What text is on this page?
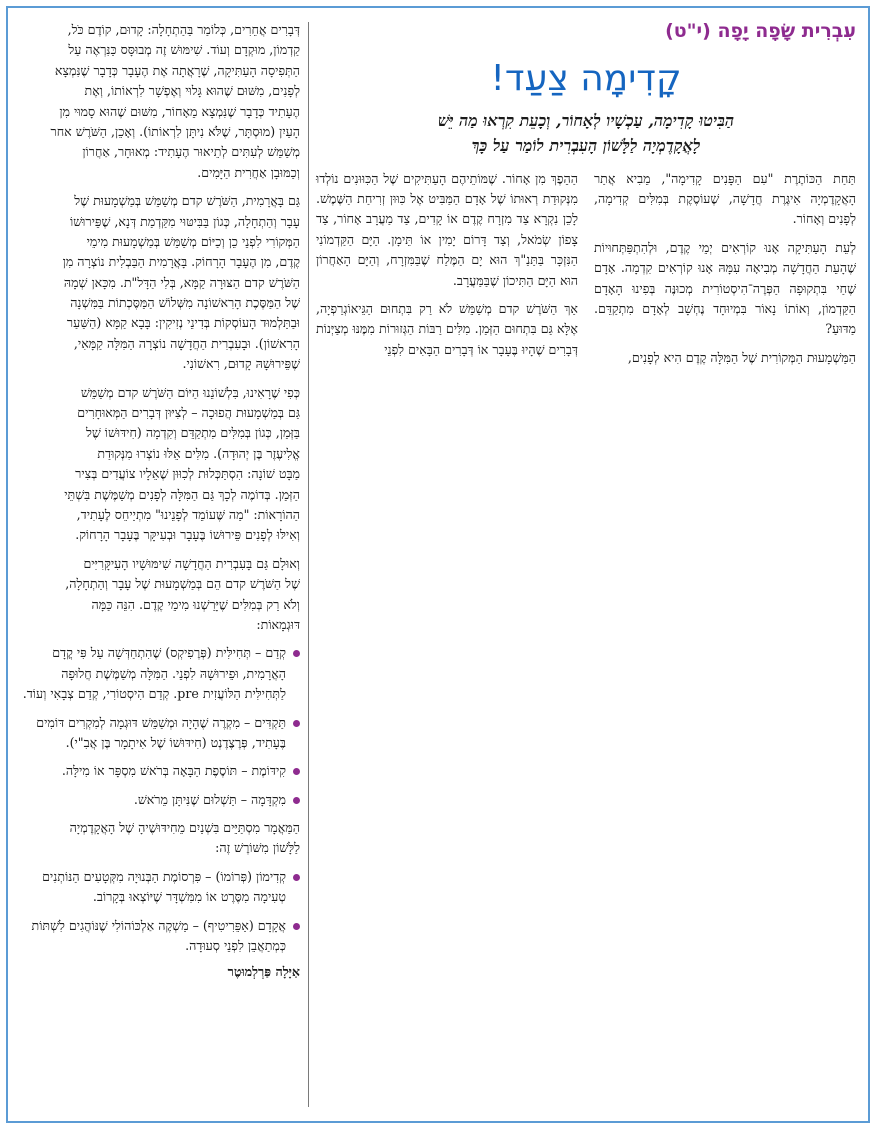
עִבְרִית שָׂפָה יָפָה (י"ט)
קָדִימָה צַעַד!
הַבִּיטוּ קָדִימָה, עַכְשָׁיו לְאָחוֹר, וְכָעֵת קִרְאוּ מַה יֵּשׁ
לָאֲקָדֶמְיָה לַלָּשׁוֹן הָעִבְרִית לוֹמַר עַל כָּךְ

תַּחַת הַכּוֹתֶרֶת "עִם הַפָּנִים קָדִימָה", מֵבִיא אֲתַר הָאֲקָדֶמְיָה אִיגֶּרֶת חֲדָשָׁה, שֶׁעוֹסֶקֶת בְּמִלִּים קְדִימָה, לְפָנִים וְאָחוֹר.

לְעֵת הָעַתִּיקָה אָנוּ קוֹרְאִים יְמֵי קֶדֶם, וּלְהִתְפַּתְּחוּיוֹת שֶׁהָעֵת הַחֲדָשָׁה מְבִיאָה עִמָּהּ אָנוּ קוֹרְאִים קִדְמָה. אָדָם שֶׁחַי בִּתְקוּפָה הַפְּרֶה־הִיסְטוֹרִית מְכוּנֶּה בְּפִינוּ הָאָדָם הַקַּדְמוֹן, וְאוֹתוֹ נָאוֹר בִּמְיוּחָד נֶחְשָׁב לְאָדָם מִתְקַדֵּם. מַדּוּעַ?

הַמַּשְׁמָעוּת הַמְּקוֹרִית שֶׁל הַמִּלָּה קֶדֶם הִיא לְפָנִים,

הַהֵפֶךְ מִן אָחוֹר. שֶׁמּוֹתֵיהֶם הָעַתִּיקִים שֶׁל הַכִּוּוּנִים נוֹלְדוּ מִנְּקוּדַת רְאוּתוֹ שֶׁל אָדָם הַמַּבִּיט אֶל כִּוּוּן זְרִיחַת הַשֶּׁמֶשׁ. לָכֵן נִקְרָא צַד מִזְרָח קֶדֶם אוֹ קָדִים, צַד מַעֲרָב אָחוֹר, צַד צָפוֹן שְׂמֹאל, וְצַד דָּרוֹם יָמִין אוֹ תֵּימָן. הַיָּם הַקַּדְמוֹנִי הַנִּזְכָּר בַּתַּנַ"ךְ הוּא יָם הַמֶּלַח שֶׁבַּמִּזְרָח, וְהַיָּם הָאַחֲרוֹן הוּא הַיָּם הַתִּיכוֹן שֶׁבַּמַּעֲרָב.

אַךְ הַשֹּׁרֶשׁ קדם מְשַׁמֵּשׁ לֹא רַק בִּתְחוּם הַגֵּיאוֹגְרַפְיָה, אֶלָּא גַּם בִּתְחוּם הַזְּמַן. מִלִּים רַבּוֹת הַגְּזוּרוֹת מִמֶּנּוּ מְצַיְּנוֹת דְּבָרִים שֶׁהָיוּ בֶּעָבָר אוֹ דְּבָרִים הַבָּאִים לִפְנֵי

דְּבָרִים אֲחֵרִים, כְּלוֹמַר בַּהַתְחָלָה: קָדוּם, קוֹדֶם כֹּל,
קַדְמוֹן, מוּקְדָם וְעוֹד. שִׁימּוּשׁ זֶה מְבוּסָּס כַּנִּרְאֶה עַל
הַתְּפִיסָה הָעַתִּיקָה, שֶׁרָאֲתָה אֶת הֶעָבָר כְּדָבָר שֶׁנִּמְצָא
לְפָנִים, מִשּׁוּם שֶׁהוּא גָּלוּי וְאֶפְשָׁר לִרְאוֹתוֹ, וְאֶת
הֶעָתִיד כְּדָבָר שֶׁנִּמְצָא מֵאָחוֹר, מִשּׁוּם שֶׁהוּא סָמוּי מִן
הָעַיִן (מוּסְתָּר, שֶׁלֹּא נִיתָּן לִרְאוֹתוֹ). וְאָכֵן, הַשֹּׁרֶשׁ אחר
מְשַׁמֵּשׁ לְעִתִּים לְתֵיאוּר הֶעָתִיד: מְאוּחָר, אַחֲרוֹן
וְכַמּוּבָן אַחֲרִית הַיָּמִים.

גַּם בָּאֲרָמִית, הַשֹּׁרֶשׁ קדם מְשַׁמֵּשׁ בְּמַשְׁמָעוּת שֶׁל
עָבָר וְהַתְחָלָה, כְּגוֹן בַּבִּיטּוּי מִקַּדְמַת דְּנָא, שֶׁפֵּירוּשׁוֹ
הַמְּקוֹרִי לִפְנֵי כֵן וְכַיּוֹם מְשַׁמֵּשׁ בְּמַשְׁמָעוּת מִימֵי
קֶדֶם, מִן הֶעָבָר הָרָחוֹק. בָּאֲרָמִית הַבַּבְלִית נוֹצְרָה מִן
הַשֹּׁרֶשׁ קדם הַצּוּרָה קַמָּא, בְּלִי הַדָּל"ת. מִכָּאן שְׁמָהּ
שֶׁל הַמַּסֶּכֶת הָרִאשׁוֹנָה מִשְּׁלוֹשׁ הַמַּסֶּכְתוֹת בַּמִּשְׁנָה
וּבַתַּלְמוּד הָעוֹסְקוֹת בְּדִינֵי נְזִיקִין: בָּבָא קַמָּא (הַשַּׁעַר
הָרִאשׁוֹן). וּבָעִבְרִית הַחֲדָשָׁה נוֹצְרָה הַמִּלָּה קַמָּאִי,
שֶׁפֵּירוּשָׁהּ קָדוּם, רִאשׁוֹנִי.

כְּפִי שֶׁרָאִינוּ, בִּלְשׁוֹנֵנוּ הַיּוֹם הַשֹּׁרֶשׁ קדם מְשַׁמֵּשׁ
גַּם בְּמַשְׁמָעוּת הֲפוּכָה – לְצִיּוּן דְּבָרִים הַמְּאוּחָרִים
בַּזְּמַן, כְּגוֹן בְּמִלִּים מִתְקַדֵּם וְקִדְמָה (חִידּוּשׁוֹ שֶׁל
אֱלִיעֶזֶר בֶּן יְהוּדָה). מִלִּים אֵלּוּ נוֹצְרוּ מִנְּקוּדַת
מַבָּט שׁוֹנָה: הִסְתַּכְּלוּת לְכִוּוּן שֶׁאֵלָיו צוֹעֲדִים בְּצִיר
הַזְּמַן. בְּדוֹמֶה לְכָךְ גַּם הַמִּלָּה לְפָנִים מְשַׁמֶּשֶׁת בִּשְׁתֵּי
הַהוֹרָאוֹת: "מַה שֶּׁעוֹמֵד לְפָנֵינוּ" מִתְיַיחֵס לֶעָתִיד,
וְאִילּוּ לְפָנִים פֵּירוּשׁוֹ בֶּעָבָר וּבְעִיקָּר בֶּעָבָר הָרָחוֹק.

וְאוּלָם גַּם בָּעִבְרִית הַחֲדָשָׁה שִׁימּוּשָׁיו הָעִיקָּרִיִּים
שֶׁל הַשֹּׁרֶשׁ קדם הֵם בְּמַשְׁמָעוּת שֶׁל עָבָר וְהַתְחָלָה,
וְלֹא רַק בְּמִלִּים שֶׁיָּרַשְׁנוּ מִימֵי קֶדֶם. הִנֵּה כַּמָּה
דּוּגְמָאוֹת:

קְדַם – תְּחִילִּית (פְּרֶפִיקְס) שֶׁהִתְחַדְּשָׁה עַל פִּי קֳדָם הָאֲרָמִית, וּפֵירוּשָׁהּ לִפְנֵי. הַמִּלָּה מְשַׁמֶּשֶׁת חֲלוּפָה לַתְּחִילִּית הַלּוֹעֲזִית pre. קְדַם הִיסְטוֹרִי, קְדַם צְבָאִי וְעוֹד.
תַּקְדִּים – מִקְרֶה שֶׁהָיָה וּמְשַׁמֵּשׁ דּוּגְמָה לְמִקְרִים דּוֹמִים בֶּעָתִיד, פְּרֶצֶדֶנְט (חִידּוּשׁוֹ שֶׁל אִיתָמָר בֶּן אֲבִ"י).
קִידּוֹמֶת – תּוֹסֶפֶת הַבָּאָה בְּרֹאשׁ מִסְפָּר אוֹ מִילָּה.
מִקְדָּמָה – תַּשְׁלוּם שֶׁנִּיתָּן מֵרֹאשׁ.

הַמַּאֲמָר מִסְתַּיֵּים בִּשְׁנַיִם מֵחִידּוּשֶׁיהָ שֶׁל הָאֲקָדֶמְיָה
לַלָּשׁוֹן מִשּׁוֹרֶשׁ זֶה:

קְדִימוֹן (פְּרוֹמוֹ) – פִּרְסוֹמֶת הַבְּנוּיָה מִקְּטָעִים הַנּוֹתְנִים טְעִימָה מִסֶּרֶט אוֹ מִמִּשְׁדָּר שֶׁיּוֹצְאוּ בְּקָרוֹב.
אֲקָדָם (אַפֵּרִיטִיף) – מַשְׁקֶה אַלְכּוֹהוֹלִי שֶׁנּוֹהֲגִים לִשְׁתּוֹת כְּמְתַאֲבֵן לִפְנֵי סְעוּדָה.
אַיָּלָה פַּרְלְמוּטֶר
